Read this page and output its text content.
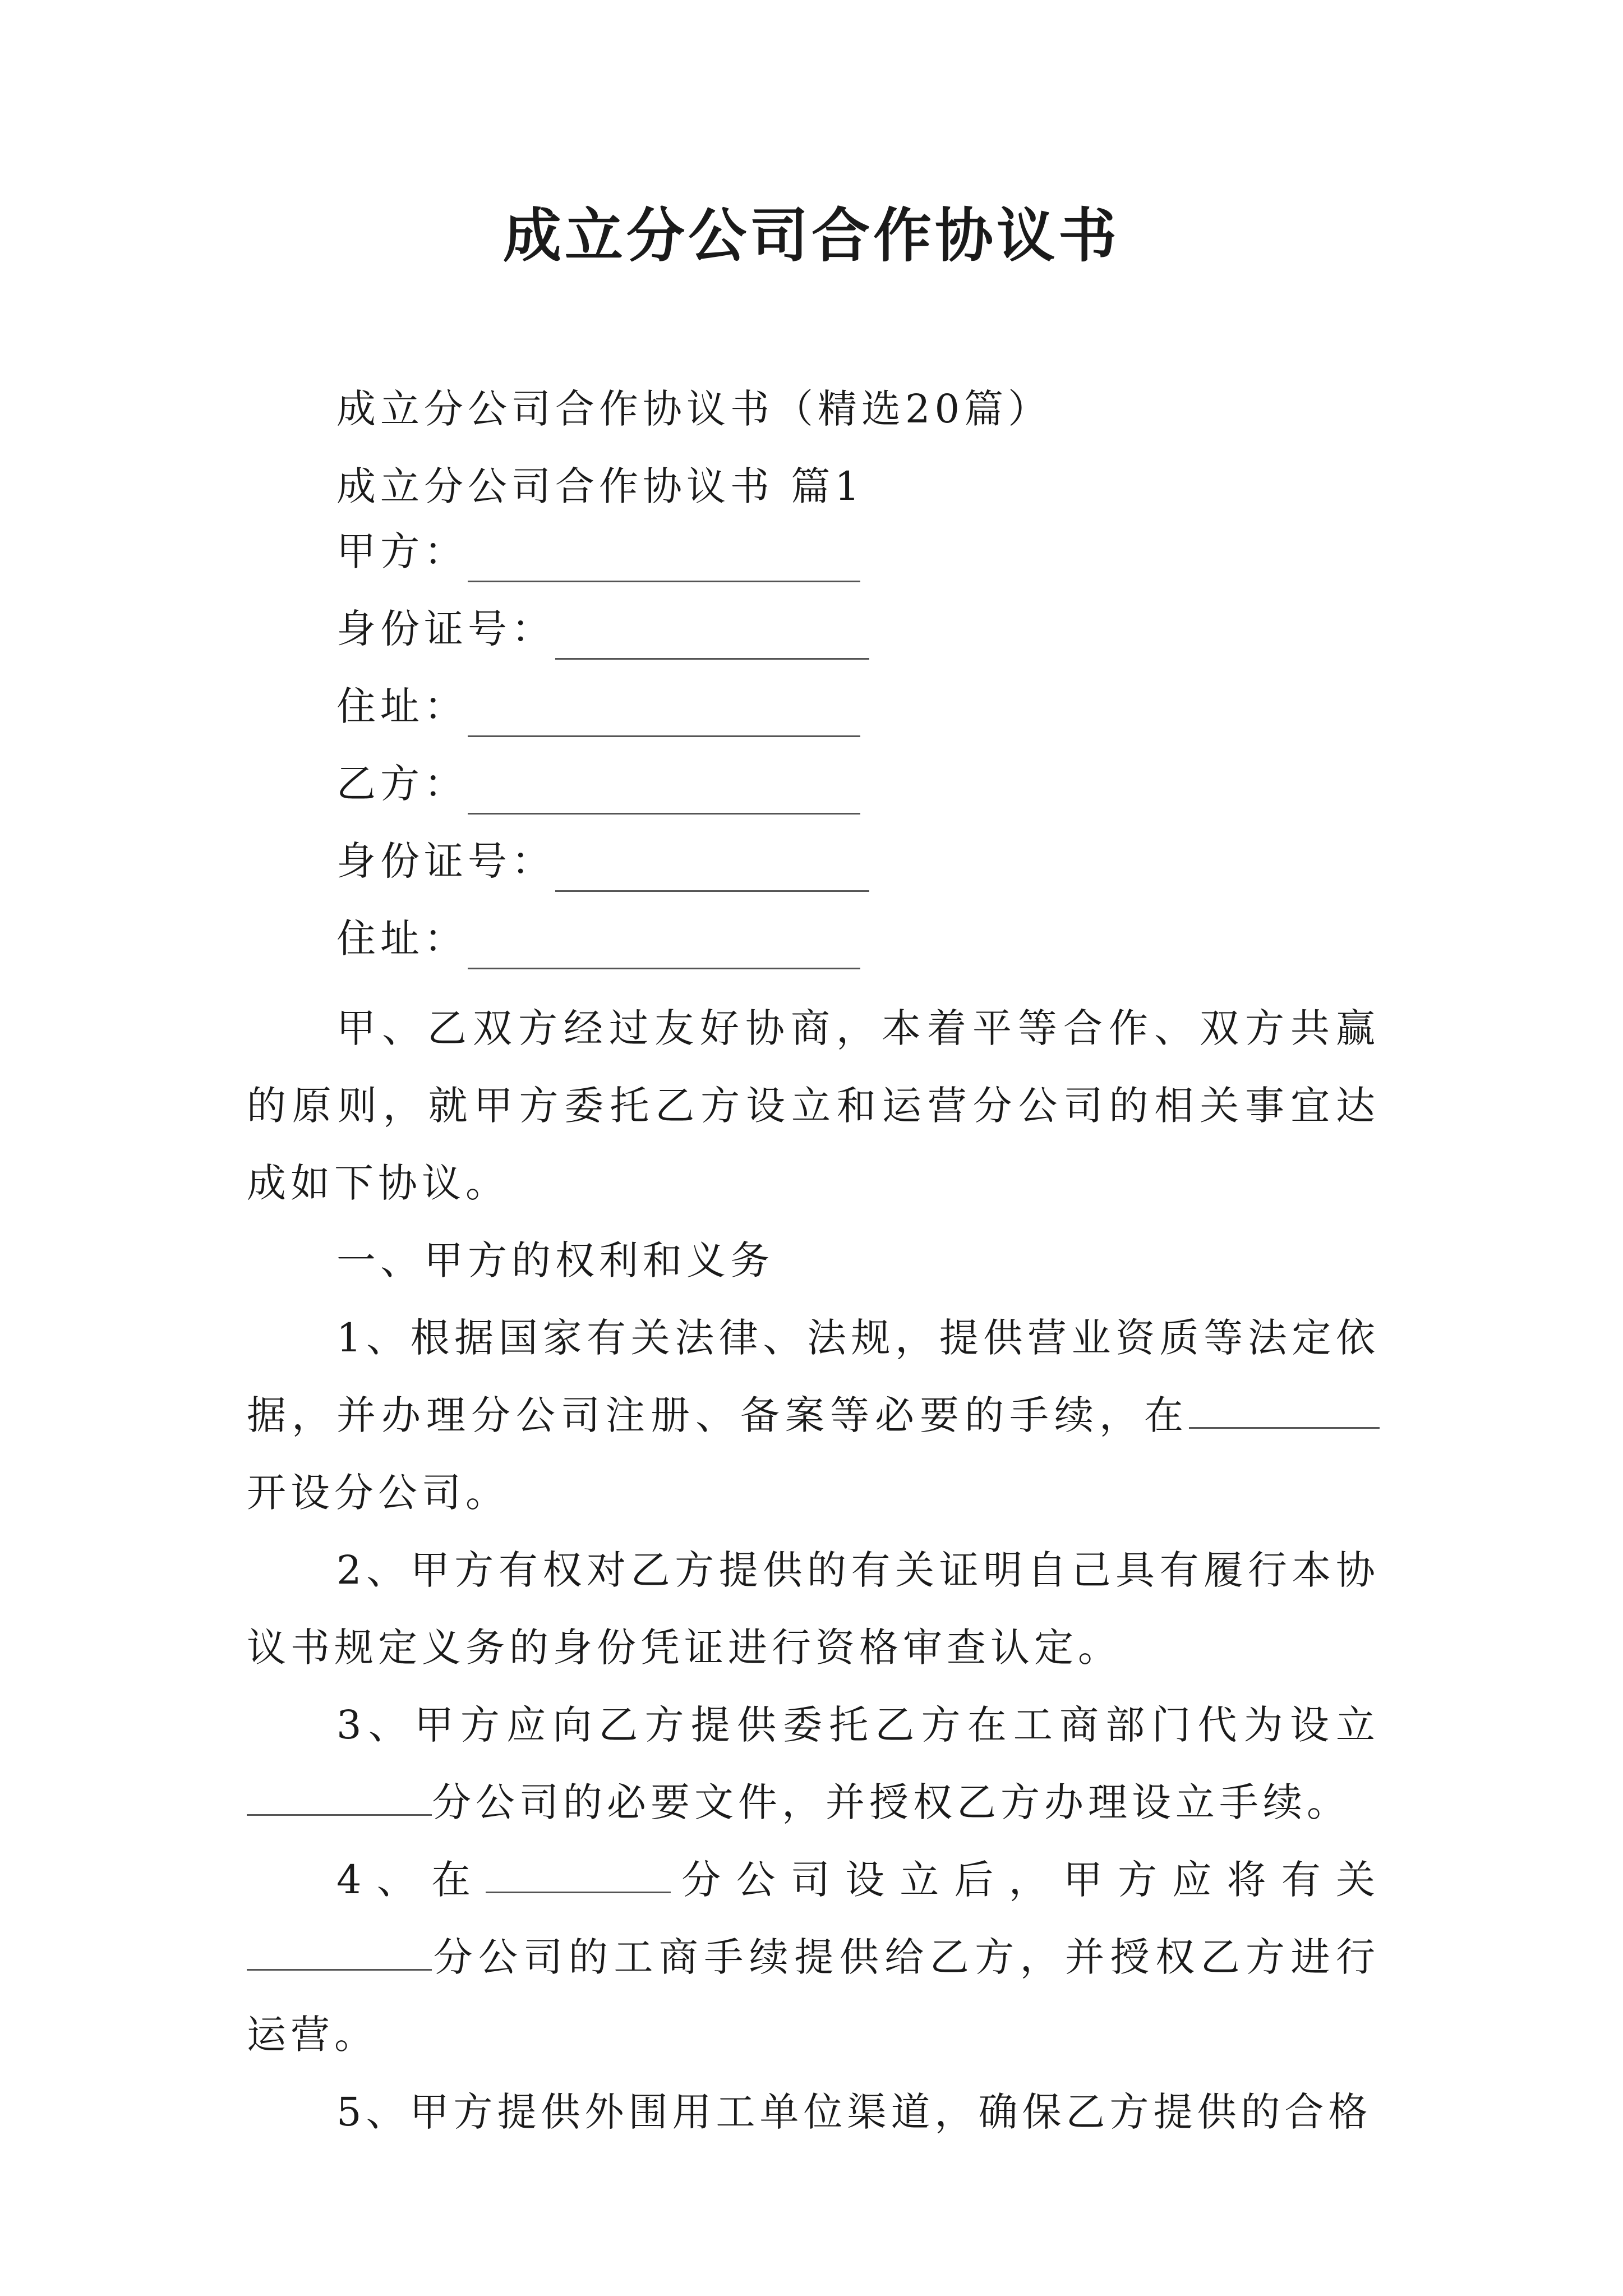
成立分公司合作协议书
成立分公司合作协议书（精选20篇）
成立分公司合作协议书 篇1
甲方：
身份证号：
住址：
乙方：
身份证号：
住址：

甲、乙双方经过友好协商，本着平等合作、双方共赢的原则，就甲方委托乙方设立和运营分公司的相关事宜达成如下协议。

一、甲方的权利和义务

1、根据国家有关法律、法规，提供营业资质等法定依据，并办理分公司注册、备案等必要的手续，在开设分公司。

2、甲方有权对乙方提供的有关证明自己具有履行本协议书规定义务的身份凭证进行资格审查认定。

3、甲方应向乙方提供委托乙方在工商部门代为设立分公司的必要文件，并授权乙方办理设立手续。

4、在	分公司设立后，甲方应将有关分公司的工商手续提供给乙方，并授权乙方进行运营。

5、甲方提供外围用工单位渠道，确保乙方提供的合格
